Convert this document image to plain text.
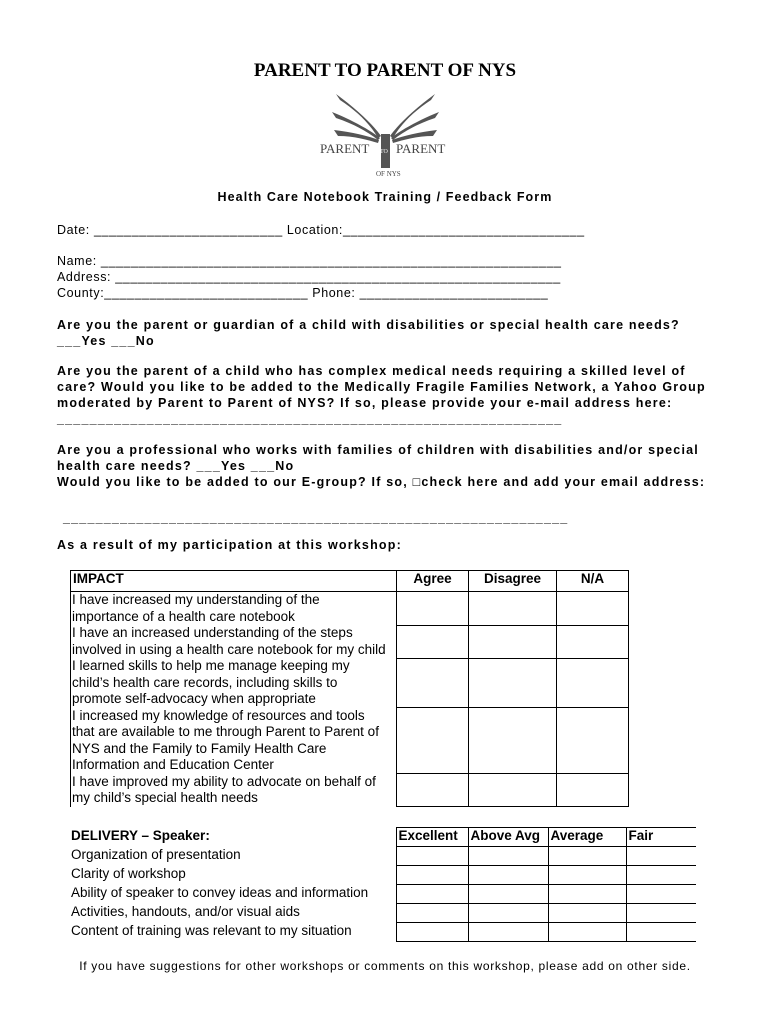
PARENT TO PARENT OF NYS
PARENT TO PARENT
OF NYS
Health Care Notebook Training / Feedback Form
Date: _________________________ Location:________________________________
Name: _____________________________________________________________
Address: ___________________________________________________________
County:___________________________ Phone: _________________________
Are you the parent or guardian of a child with disabilities or special health care needs?
___Yes ___No
Are you the parent of a child who has complex medical needs requiring a skilled level of
care? Would you like to be added to the Medically Fragile Families Network, a Yahoo Group
moderated by Parent to Parent of NYS? If so, please provide your e-mail address here:
______________________________________________________________
Are you a professional who works with families of children with disabilities and/or special
health care needs? ___Yes ___No
Would you like to be added to our E-group? If so, □check here and add your email address:
______________________________________________________________
As a result of my participation at this workshop:
IMPACT	Agree	Disagree	N/A

I have increased my understanding of the
importance of a health care notebook			

I have an increased understanding of the steps
involved in using a health care notebook for my child			

I learned skills to help me manage keeping my
child’s health care records, including skills to
promote self-advocacy when appropriate			

I increased my knowledge of resources and tools
that are available to me through Parent to Parent of
NYS and the Family to Family Health Care
Information and Education Center			

I have improved my ability to advocate on behalf of
my child’s special health needs			

DELIVERY – Speaker:	Excellent	Above Avg	Average	Fair
Organization of presentation				
Clarity of workshop				
Ability of speaker to convey ideas and information				
Activities, handouts, and/or visual aids				
Content of training was relevant to my situation				
If you have suggestions for other workshops or comments on this workshop, please add on other side.
